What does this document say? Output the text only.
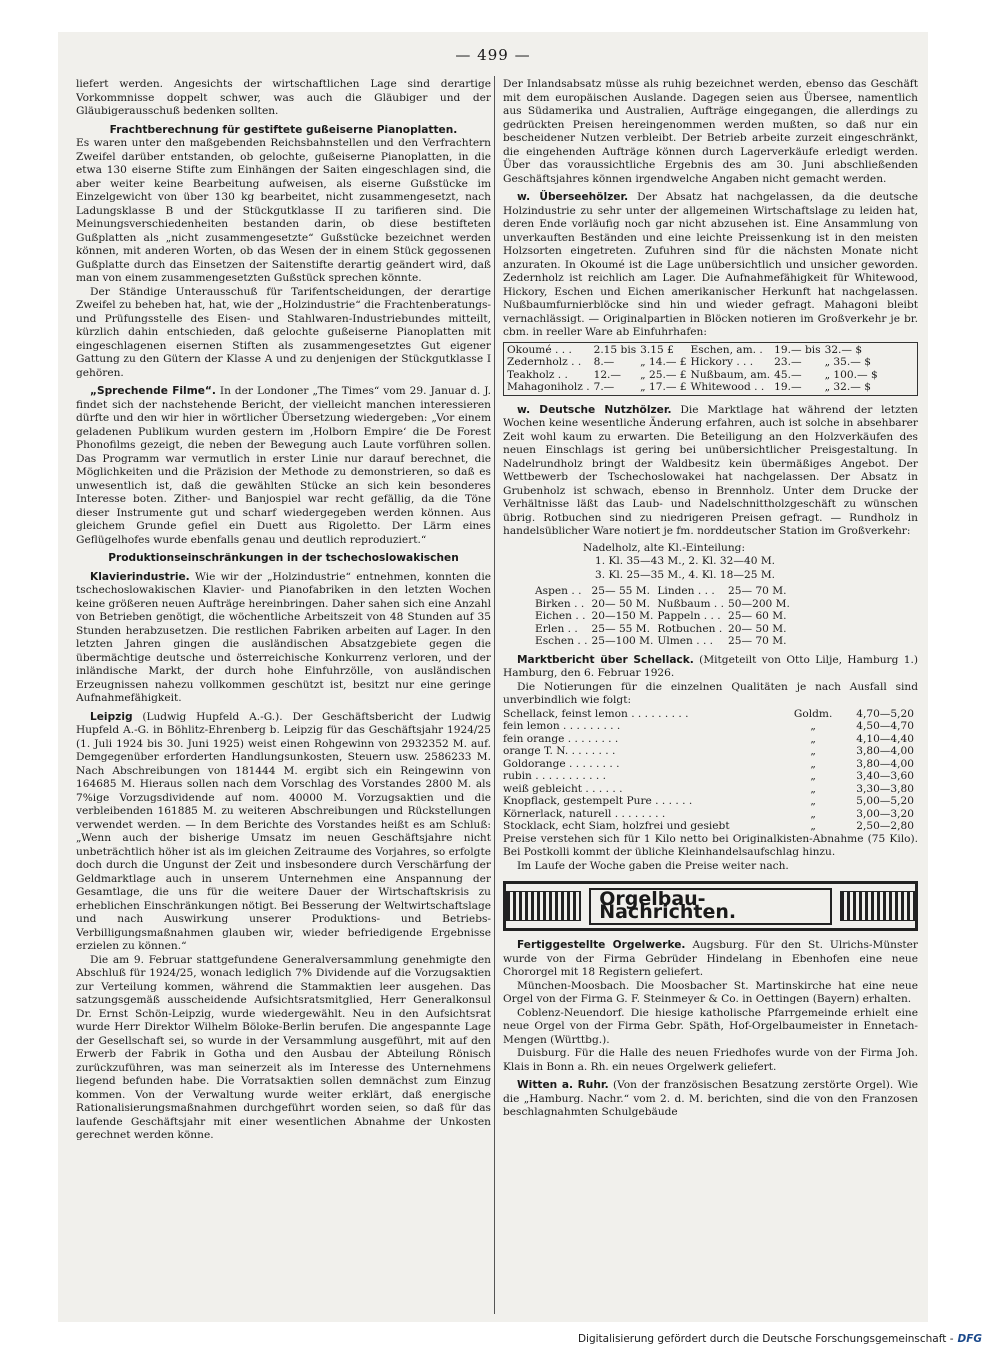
— 499 —

liefert werden. Angesichts der wirtschaftlichen Lage sind derartige Vorkommnisse doppelt schwer, was auch die Gläubiger und der Gläubigerausschuß bedenken sollten.

Frachtberechnung für gestiftete gußeiserne Pianoplatten.

Es waren unter den maßgebenden Reichsbahnstellen und den Verfrachtern Zweifel darüber entstanden, ob gelochte, gußeiserne Pianoplatten, in die etwa 130 eiserne Stifte zum Einhängen der Saiten eingeschlagen sind, die aber weiter keine Bearbeitung aufweisen, als eiserne Gußstücke im Einzelgewicht von über 130 kg bearbeitet, nicht zusammengesetzt, nach Ladungsklasse B und der Stückgutklasse II zu tarifieren sind. Die Meinungsverschiedenheiten bestanden darin, ob diese bestifteten Gußplatten als „nicht zusammengesetzte“ Gußstücke bezeichnet werden können, mit anderen Worten, ob das Wesen der in einem Stück gegossenen Gußplatte durch das Einsetzen der Saitenstifte derartig geändert wird, daß man von einem zusammengesetzten Gußstück sprechen könnte.

Der Ständige Unterausschuß für Tarifentscheidungen, der derartige Zweifel zu beheben hat, hat, wie der „Holzindustrie“ die Frachtenberatungs- und Prüfungsstelle des Eisen- und Stahlwaren-Industriebundes mitteilt, kürzlich dahin entschieden, daß gelochte gußeiserne Pianoplatten mit eingeschlagenen eisernen Stiften als zusammengesetztes Gut eigener Gattung zu den Gütern der Klasse A und zu denjenigen der Stückgutklasse I gehören.

„Sprechende Filme“. In der Londoner „The Times“ vom 29. Januar d. J. findet sich der nachstehende Bericht, der vielleicht manchen interessieren dürfte und den wir hier in wörtlicher Übersetzung wiedergeben: „Vor einem geladenen Publikum wurden gestern im ‚Holborn Empire‘ die De Forest Phonofilms gezeigt, die neben der Bewegung auch Laute vorführen sollen. Das Programm war vermutlich in erster Linie nur darauf berechnet, die Möglichkeiten und die Präzision der Methode zu demonstrieren, so daß es unwesentlich ist, daß die gewählten Stücke an sich kein besonderes Interesse boten. Zither- und Banjospiel war recht gefällig, da die Töne dieser Instrumente gut und scharf wiedergegeben werden können. Aus gleichem Grunde gefiel ein Duett aus Rigoletto. Der Lärm eines Geflügelhofes wurde ebenfalls genau und deutlich reproduziert.“

Produktionseinschränkungen in der tschechoslowakischen

Klavierindustrie. Wie wir der „Holzindustrie“ entnehmen, konnten die tschechoslowakischen Klavier- und Pianofabriken in den letzten Wochen keine größeren neuen Aufträge hereinbringen. Daher sahen sich eine Anzahl von Betrieben genötigt, die wöchentliche Arbeitszeit von 48 Stunden auf 35 Stunden herabzusetzen. Die restlichen Fabriken arbeiten auf Lager. In den letzten Jahren gingen die ausländischen Absatzgebiete gegen die übermächtige deutsche und österreichische Konkurrenz verloren, und der inländische Markt, der durch hohe Einfuhrzölle, von ausländischen Erzeugnissen nahezu vollkommen geschützt ist, besitzt nur eine geringe Aufnahmefähigkeit.

Leipzig (Ludwig Hupfeld A.-G.). Der Geschäftsbericht der Ludwig Hupfeld A.-G. in Böhlitz-Ehrenberg b. Leipzig für das Geschäftsjahr 1924/25 (1. Juli 1924 bis 30. Juni 1925) weist einen Rohgewinn von 2932352 M. auf. Demgegenüber erforderten Handlungsunkosten, Steuern usw. 2586233 M. Nach Abschreibungen von 181444 M. ergibt sich ein Reingewinn von 164685 M. Hieraus sollen nach dem Vorschlag des Vorstandes 2800 M. als 7%ige Vorzugsdividende auf nom. 40000 M. Vorzugsaktien und die verbleibenden 161885 M. zu weiteren Abschreibungen und Rückstellungen verwendet werden. — In dem Berichte des Vorstandes heißt es am Schluß: „Wenn auch der bisherige Umsatz im neuen Geschäftsjahre nicht unbeträchtlich höher ist als im gleichen Zeitraume des Vorjahres, so erfolgte doch durch die Ungunst der Zeit und insbesondere durch Verschärfung der Geldmarktlage auch in unserem Unternehmen eine Anspannung der Gesamtlage, die uns für die weitere Dauer der Wirtschaftskrisis zu erheblichen Einschränkungen nötigt. Bei Besserung der Weltwirtschaftslage und nach Auswirkung unserer Produktions- und Betriebs-Verbilligungsmaßnahmen glauben wir, wieder befriedigende Ergebnisse erzielen zu können.“

Die am 9. Februar stattgefundene Generalversammlung genehmigte den Abschluß für 1924/25, wonach lediglich 7% Dividende auf die Vorzugsaktien zur Verteilung kommen, während die Stammaktien leer ausgehen. Das satzungsgemäß ausscheidende Aufsichtsratsmitglied, Herr Generalkonsul Dr. Ernst Schön-Leipzig, wurde wiedergewählt. Neu in den Aufsichtsrat wurde Herr Direktor Wilhelm Böloke-Berlin berufen. Die angespannte Lage der Gesellschaft sei, so wurde in der Versammlung ausgeführt, mit auf den Erwerb der Fabrik in Gotha und den Ausbau der Abteilung Rönisch zurückzuführen, was man seinerzeit als im Interesse des Unternehmens liegend befunden habe. Die Vorratsaktien sollen demnächst zum Einzug kommen. Von der Verwaltung wurde weiter erklärt, daß energische Rationalisierungsmaßnahmen durchgeführt worden seien, so daß für das laufende Geschäftsjahr mit einer wesentlichen Abnahme der Unkosten gerechnet werden könne.

Der Inlandsabsatz müsse als ruhig bezeichnet werden, ebenso das Geschäft mit dem europäischen Auslande. Dagegen seien aus Übersee, namentlich aus Südamerika und Australien, Aufträge eingegangen, die allerdings zu gedrückten Preisen hereingenommen werden mußten, so daß nur ein bescheidener Nutzen verbleibt. Der Betrieb arbeite zurzeit eingeschränkt, die eingehenden Aufträge können durch Lagerverkäufe erledigt werden. Über das voraussichtliche Ergebnis des am 30. Juni abschließenden Geschäftsjahres können irgendwelche Angaben nicht gemacht werden.

w. Überseehölzer. Der Absatz hat nachgelassen, da die deutsche Holzindustrie zu sehr unter der allgemeinen Wirtschaftslage zu leiden hat, deren Ende vorläufig noch gar nicht abzusehen ist. Eine Ansammlung von unverkauften Beständen und eine leichte Preissenkung ist in den meisten Holzsorten eingetreten. Zufuhren sind für die nächsten Monate nicht anzuraten. In Okoumé ist die Lage unübersichtlich und unsicher geworden. Zedernholz ist reichlich am Lager. Die Aufnahmefähigkeit für Whitewood, Hickory, Eschen und Eichen amerikanischer Herkunft hat nachgelassen. Nußbaumfurnierblöcke sind hin und wieder gefragt. Mahagoni bleibt vernachlässigt. — Originalpartien in Blöcken notieren im Großverkehr je br. cbm. in reeller Ware ab Einfuhrhafen:

Okoumé . . .	2.15 bis	3.15 £	Eschen, am. .	19.— bis	32.— $
Zedernholz . .	8.—	„ 14.— £	Hickory . . .	23.—	„ 35.— $
Teakholz . .	12.—	„ 25.— £	Nußbaum, am.	45.—	„ 100.— $
Mahagoniholz .	7.—	„ 17.— £	Whitewood . .	19.—	„ 32.— $

w. Deutsche Nutzhölzer. Die Marktlage hat während der letzten Wochen keine wesentliche Änderung erfahren, auch ist solche in absehbarer Zeit wohl kaum zu erwarten. Die Beteiligung an den Holzverkäufen des neuen Einschlags ist gering bei unübersichtlicher Preisgestaltung. In Nadelrundholz bringt der Waldbesitz kein übermäßiges Angebot. Der Wettbewerb der Tschechoslowakei hat nachgelassen. Der Absatz in Grubenholz ist schwach, ebenso in Brennholz. Unter dem Drucke der Verhältnisse läßt das Laub- und Nadelschnittholzgeschäft zu wünschen übrig. Rotbuchen sind zu niedrigeren Preisen gefragt. — Rundholz in handelsüblicher Ware notiert je fm. norddeutscher Station im Großverkehr:

Nadelholz, alte Kl.-Einteilung:
1. Kl. 35—43 M., 2. Kl. 32—40 M.
3. Kl. 25—35 M., 4. Kl. 18—25 M.
Aspen . .	25— 55 M.	Linden . . .	25— 70 M.
Birken . .	20— 50 M.	Nußbaum . .	50—200 M.
Eichen . .	20—150 M.	Pappeln . . .	25— 60 M.
Erlen . .	25— 55 M.	Rotbuchen .	20— 50 M.
Eschen . .	25—100 M.	Ulmen . . .	25— 70 M.

Marktbericht über Schellack. (Mitgeteilt von Otto Lilje, Hamburg 1.) Hamburg, den 6. Februar 1926.

Die Notierungen für die einzelnen Qualitäten je nach Ausfall sind unverbindlich wie folgt:

Schellack, feinst lemon . . . . . . . . .	Goldm.	4,70—5,20
fein lemon . . . . . . . . .	„	4,50—4,70
fein orange . . . . . . . .	„	4,10—4,40
orange T. N. . . . . . . .	„	3,80—4,00
Goldorange . . . . . . . .	„	3,80—4,00
rubin . . . . . . . . . . .	„	3,40—3,60
weiß gebleicht . . . . . .	„	3,30—3,80
Knopflack, gestempelt Pure . . . . . .	„	5,00—5,20
Körnerlack, naturell . . . . . . . .	„	3,00—3,20
Stocklack, echt Siam, holzfrei und gesiebt	„	2,50—2,80

Preise verstehen sich für 1 Kilo netto bei Originalkisten-Abnahme (75 Kilo). Bei Postkolli kommt der übliche Kleinhandelsaufschlag hinzu.

Im Laufe der Woche gaben die Preise weiter nach.

Orgelbau-Nachrichten.

Fertiggestellte Orgelwerke. Augsburg. Für den St. Ulrichs-Münster wurde von der Firma Gebrüder Hindelang in Ebenhofen eine neue Chororgel mit 18 Registern geliefert.

München-Moosbach. Die Moosbacher St. Martinskirche hat eine neue Orgel von der Firma G. F. Steinmeyer & Co. in Oettingen (Bayern) erhalten.

Coblenz-Neuendorf. Die hiesige katholische Pfarrgemeinde erhielt eine neue Orgel von der Firma Gebr. Späth, Hof-Orgelbaumeister in Ennetach-Mengen (Württbg.).

Duisburg. Für die Halle des neuen Friedhofes wurde von der Firma Joh. Klais in Bonn a. Rh. ein neues Orgelwerk geliefert.

Witten a. Ruhr. (Von der französischen Besatzung zerstörte Orgel). Wie die „Hamburg. Nachr.“ vom 2. d. M. berichten, sind die von den Franzosen beschlagnahmten Schulgebäude

Digitalisierung gefördert durch die Deutsche Forschungsgemeinschaft - DFG
